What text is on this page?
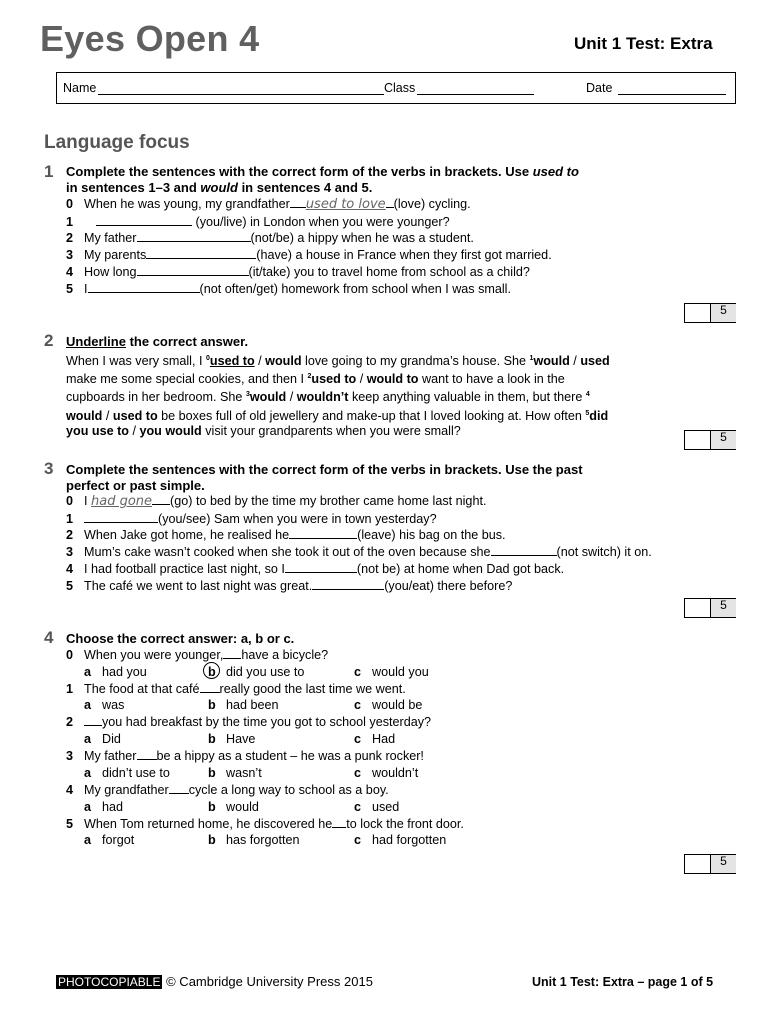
Eyes Open 4	Unit 1 Test: Extra
Name	Class	Date
Language focus
1 Complete the sentences with the correct form of the verbs in brackets. Use used to
in sentences 1–3 and would in sentences 4 and 5.
0 When he was young, my grandfather used to love (love) cycling.
1	(you/live) in London when you were younger?
2 My father	(not/be) a hippy when he was a student.
3 My parents	(have) a house in France when they first got married.
4 How long	(it/take) you to travel home from school as a child?
5 I	(not often/get) homework from school when I was small.
5
2 Underline the correct answer.
When I was very small, I $^0$used to / would love going to my grandma’s house. She $^1$would / used
make me some special cookies, and then I $^2$used to / would to want to have a look in the
cupboards in her bedroom. She $^3$would / wouldn’t keep anything valuable in them, but there $^4$
would / used to be boxes full of old jewellery and make-up that I loved looking at. How often $^5$did
you use to / you would visit your grandparents when you were small?	5
3 Complete the sentences with the correct form of the verbs in brackets. Use the past
perfect or past simple.
0 I had gone (go) to bed by the time my brother came home last night.
1	(you/see) Sam when you were in town yesterday?
2 When Jake got home, he realised he	(leave) his bag on the bus.
3 Mum’s cake wasn’t cooked when she took it out of the oven because she	(not switch) it on.
4 I had football practice last night, so I	(not be) at home when Dad got back.
5 The café we went to last night was great.	(you/eat) there before?
5
4 Choose the correct answer: a, b or c.
0 When you were younger, have a bicycle?
a had you	b did you use to	c would you
1 The food at that café really good the last time we went.
a was	b had been	c would be
2 you had breakfast by the time you got to school yesterday?
a Did	b Have	c Had
3 My father be a hippy as a student – he was a punk rocker!
a didn’t use to	b wasn’t	c wouldn’t
4 My grandfather cycle a long way to school as a boy.
a had	b would	c used
5 When Tom returned home, he discovered he to lock the front door.
a forgot	b has forgotten	c had forgotten
5
PHOTOCOPIABLE © Cambridge University Press 2015	Unit 1 Test: Extra – page 1 of 5
